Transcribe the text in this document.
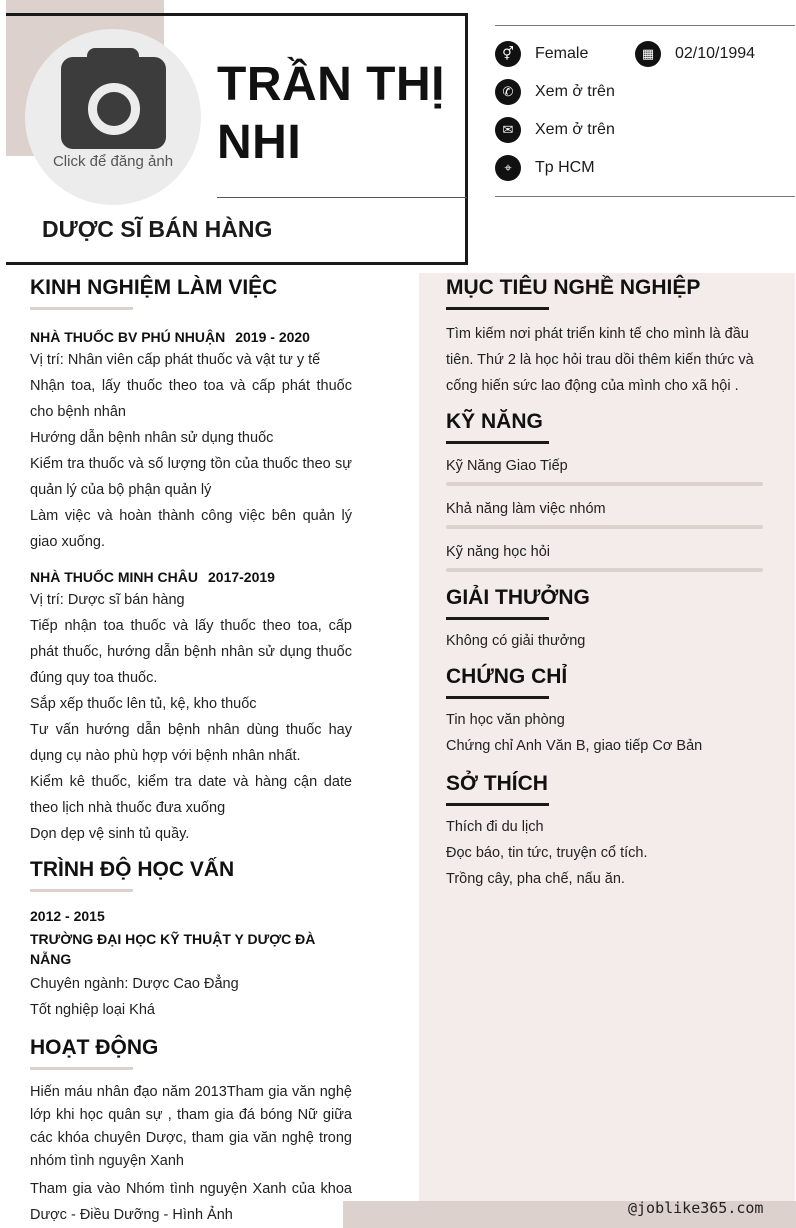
Click để đăng ảnh
TRẦN THỊ
NHI
DƯỢC SĨ BÁN HÀNG
⚥	Female	▦	02/10/1994
✆	Xem ở trên
✉	Xem ở trên
⌖	Tp HCM
KINH NGHIỆM LÀM VIỆC
NHÀ THUỐC BV PHÚ NHUẬN 2019 - 2020
Vị trí: Nhân viên cấp phát thuốc và vật tư y tế
Nhận toa, lấy thuốc theo toa và cấp phát thuốc cho bệnh nhân
Hướng dẫn bệnh nhân sử dụng thuốc
Kiểm tra thuốc và số lượng tồn của thuốc theo sự quản lý của bộ phận quản lý
Làm việc và hoàn thành công việc bên quản lý giao xuống.
NHÀ THUỐC MINH CHÂU 2017-2019
Vị trí: Dược sĩ bán hàng
Tiếp nhận toa thuốc và lấy thuốc theo toa, cấp phát thuốc, hướng dẫn bệnh nhân sử dụng thuốc đúng quy toa thuốc.
Sắp xếp thuốc lên tủ, kệ, kho thuốc
Tư vấn hướng dẫn bệnh nhân dùng thuốc hay dụng cụ nào phù hợp với bệnh nhân nhất.
Kiểm kê thuốc, kiểm tra date và hàng cận date theo lịch nhà thuốc đưa xuống
Dọn dẹp vệ sinh tủ quầy.
TRÌNH ĐỘ HỌC VẤN
2012 - 2015
TRƯỜNG ĐẠI HỌC KỸ THUẬT Y DƯỢC ĐÀ NẴNG
Chuyên ngành: Dược Cao Đẳng
Tốt nghiệp loại Khá
HOẠT ĐỘNG
Hiến máu nhân đạo năm 2013Tham gia văn nghệ lớp khi học quân sự , tham gia đá bóng Nữ giữa các khóa chuyên Dược, tham gia văn nghệ trong nhóm tình nguyện Xanh
Tham gia vào Nhóm tình nguyện Xanh của khoa Dược - Điều Dưỡng - Hình Ảnh
MỤC TIÊU NGHỀ NGHIỆP
Tìm kiếm nơi phát triển kinh tế cho mình là đầu tiên. Thứ 2 là học hỏi trau dồi thêm kiến thức và cống hiến sức lao động của mình cho xã hội .
KỸ NĂNG
Kỹ Năng Giao Tiếp
Khả năng làm việc nhóm
Kỹ năng học hỏi
GIẢI THƯỞNG
Không có giải thưởng
CHỨNG CHỈ
Tin học văn phòng
Chứng chỉ Anh Văn B, giao tiếp Cơ Bản
SỞ THÍCH
Thích đi du lịch
Đọc báo, tin tức, truyện cổ tích.
Trồng cây, pha chế, nấu ăn.
@joblike365.com
